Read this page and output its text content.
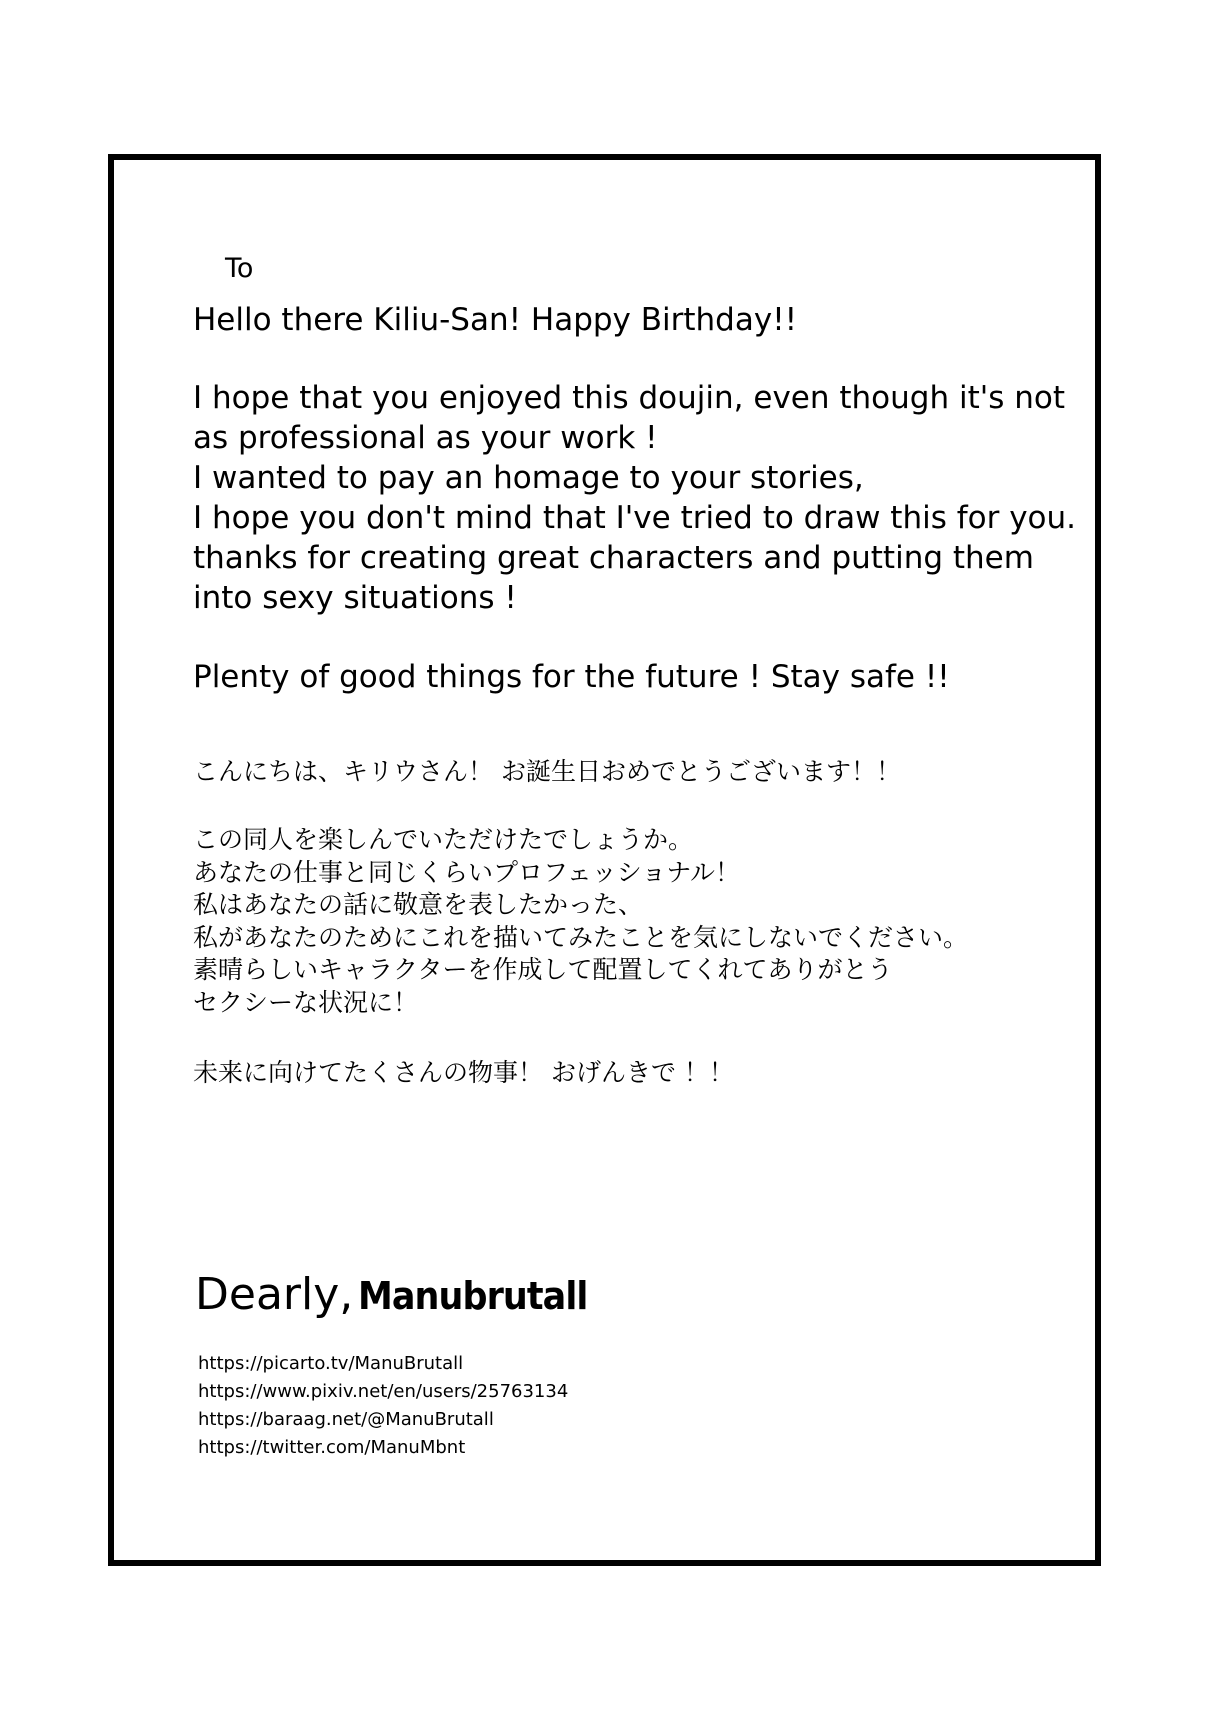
To
Hello there Kiliu-San! Happy Birthday!!
I hope that you enjoyed this doujin, even though it's not
as professional as your work !
I wanted to pay an homage to your stories,
I hope you don't mind that I've tried to draw this for you.
thanks for creating great characters and putting them
into sexy situations !
Plenty of good things for the future ! Stay safe !!
こんにちは、キリウさん！ お誕生日おめでとうございます！！
この同人を楽しんでいただけたでしょうか。
あなたの仕事と同じくらいプロフェッショナル！
私はあなたの話に敬意を表したかった、
私があなたのためにこれを描いてみたことを気にしないでください。
素晴らしいキャラクターを作成して配置してくれてありがとう
セクシーな状況に！
未来に向けてたくさんの物事！ おげんきで ！！
Dearly, Manubrutall
https://picarto.tv/ManuBrutall
https://www.pixiv.net/en/users/25763134
https://baraag.net/@ManuBrutall
https://twitter.com/ManuMbnt
